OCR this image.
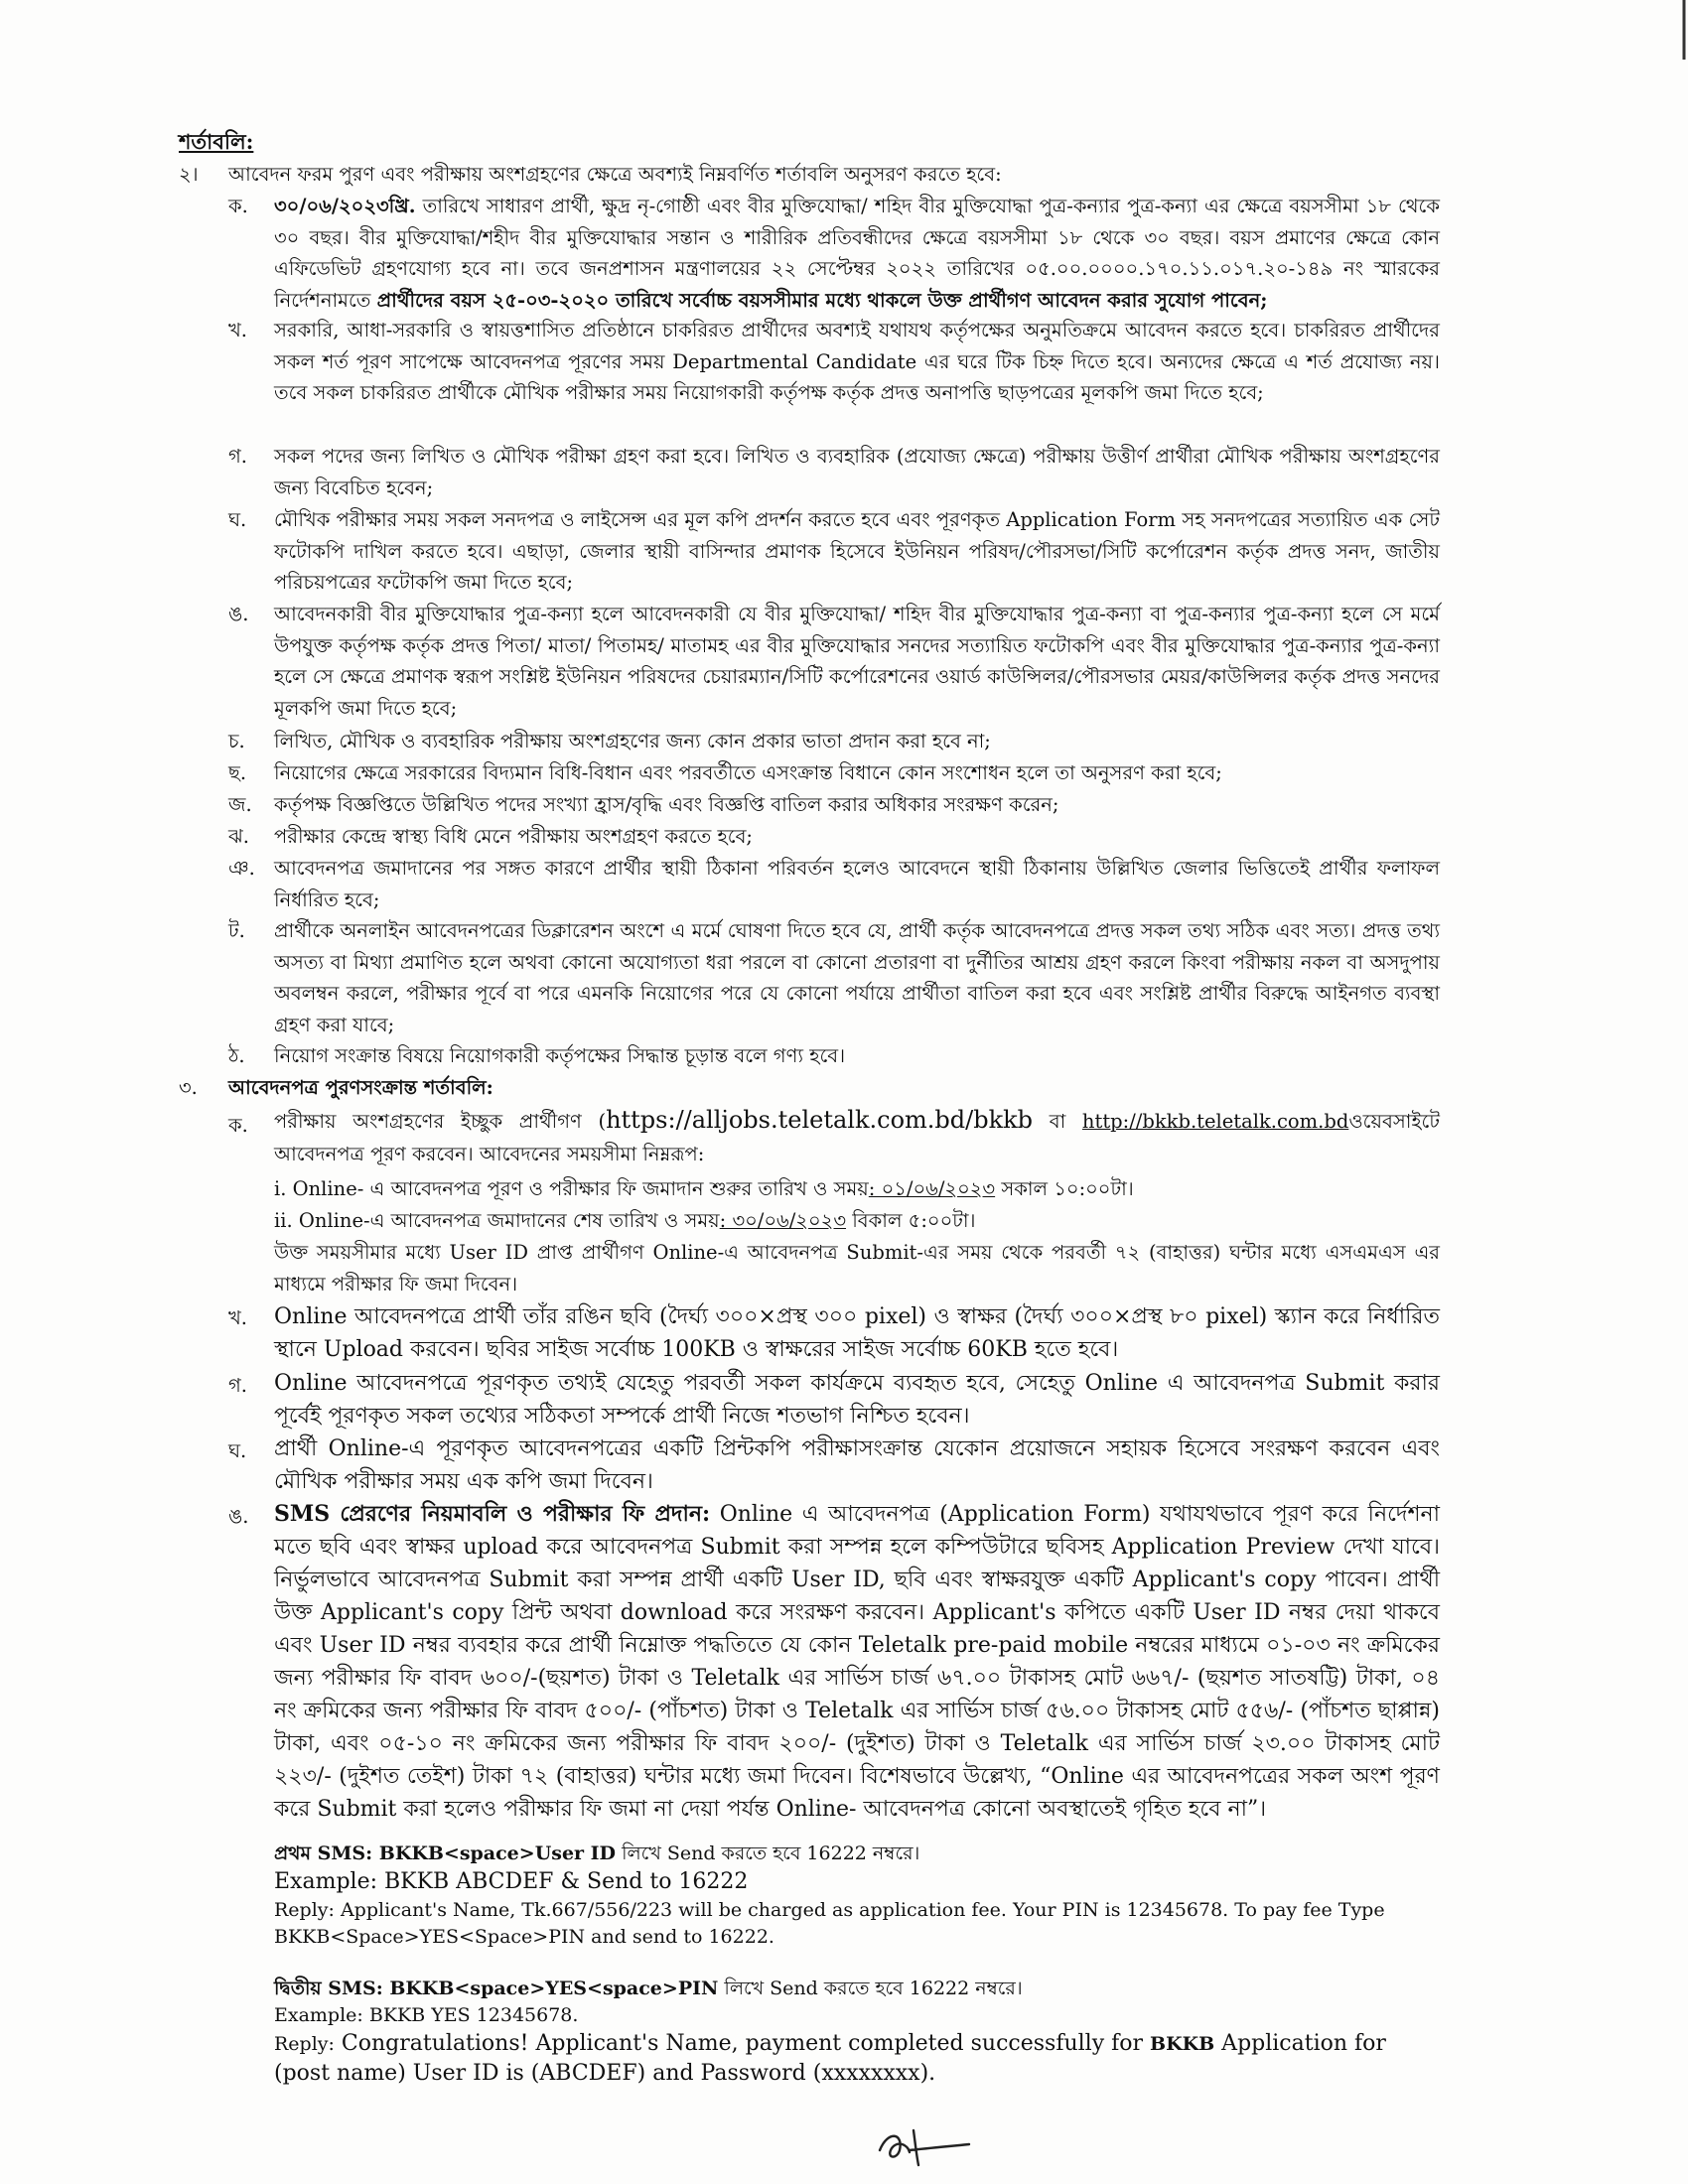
শর্তাবলি:
২। আবেদন ফরম পুরণ এবং পরীক্ষায় অংশগ্রহণের ক্ষেত্রে অবশ্যই নিম্নবর্ণিত শর্তাবলি অনুসরণ করতে হবে:

ক. ৩০/০৬/২০২৩খ্রি. তারিখে সাধারণ প্রার্থী, ক্ষুদ্র নৃ-গোষ্ঠী এবং বীর মুক্তিযোদ্ধা/ শহিদ বীর মুক্তিযোদ্ধা পুত্র-কন্যার পুত্র-কন্যা এর ক্ষেত্রে বয়সসীমা ১৮ থেকে ৩০ বছর। বীর মুক্তিযোদ্ধা/শহীদ বীর মুক্তিযোদ্ধার সন্তান ও শারীরিক প্রতিবন্ধীদের ক্ষেত্রে বয়সসীমা ১৮ থেকে ৩০ বছর। বয়স প্রমাণের ক্ষেত্রে কোন এফিডেভিট গ্রহণযোগ্য হবে না। তবে জনপ্রশাসন মন্ত্রণালয়ের ২২ সেপ্টেম্বর ২০২২ তারিখের ০৫.০০.০০০০.১৭০.১১.০১৭.২০-১৪৯ নং স্মারকের নির্দেশনামতে প্রার্থীদের বয়স ২৫-০৩-২০২০ তারিখে সর্বোচ্চ বয়সসীমার মধ্যে থাকলে উক্ত প্রার্থীগণ আবেদন করার সুযোগ পাবেন;

খ. সরকারি, আধা-সরকারি ও স্বায়ত্তশাসিত প্রতিষ্ঠানে চাকরিরত প্রার্থীদের অবশ্যই যথাযথ কর্তৃপক্ষের অনুমতিক্রমে আবেদন করতে হবে। চাকরিরত প্রার্থীদের সকল শর্ত পূরণ সাপেক্ষে আবেদনপত্র পূরণের সময় Departmental Candidate এর ঘরে টিক চিহ্ন দিতে হবে। অন্যদের ক্ষেত্রে এ শর্ত প্রযোজ্য নয়। তবে সকল চাকরিরত প্রার্থীকে মৌখিক পরীক্ষার সময় নিয়োগকারী কর্তৃপক্ষ কর্তৃক প্রদত্ত অনাপত্তি ছাড়পত্রের মূলকপি জমা দিতে হবে;

গ. সকল পদের জন্য লিখিত ও মৌখিক পরীক্ষা গ্রহণ করা হবে। লিখিত ও ব্যবহারিক (প্রযোজ্য ক্ষেত্রে) পরীক্ষায় উত্তীর্ণ প্রার্থীরা মৌখিক পরীক্ষায় অংশগ্রহণের জন্য বিবেচিত হবেন;

ঘ. মৌখিক পরীক্ষার সময় সকল সনদপত্র ও লাইসেন্স এর মূল কপি প্রদর্শন করতে হবে এবং পূরণকৃত Application Form সহ সনদপত্রের সত্যায়িত এক সেট ফটোকপি দাখিল করতে হবে। এছাড়া, জেলার স্থায়ী বাসিন্দার প্রমাণক হিসেবে ইউনিয়ন পরিষদ/পৌরসভা/সিটি কর্পোরেশন কর্তৃক প্রদত্ত সনদ, জাতীয় পরিচয়পত্রের ফটোকপি জমা দিতে হবে;

ঙ. আবেদনকারী বীর মুক্তিযোদ্ধার পুত্র-কন্যা হলে আবেদনকারী যে বীর মুক্তিযোদ্ধা/ শহিদ বীর মুক্তিযোদ্ধার পুত্র-কন্যা বা পুত্র-কন্যার পুত্র-কন্যা হলে সে মর্মে উপযুক্ত কর্তৃপক্ষ কর্তৃক প্রদত্ত পিতা/ মাতা/ পিতামহ/ মাতামহ এর বীর মুক্তিযোদ্ধার সনদের সত্যায়িত ফটোকপি এবং বীর মুক্তিযোদ্ধার পুত্র-কন্যার পুত্র-কন্যা হলে সে ক্ষেত্রে প্রমাণক স্বরূপ সংশ্লিষ্ট ইউনিয়ন পরিষদের চেয়ারম্যান/সিটি কর্পোরেশনের ওয়ার্ড কাউন্সিলর/পৌরসভার মেয়র/কাউন্সিলর কর্তৃক প্রদত্ত সনদের মূলকপি জমা দিতে হবে;

চ. লিখিত, মৌখিক ও ব্যবহারিক পরীক্ষায় অংশগ্রহণের জন্য কোন প্রকার ভাতা প্রদান করা হবে না;

ছ. নিয়োগের ক্ষেত্রে সরকারের বিদ্যমান বিধি-বিধান এবং পরবর্তীতে এসংক্রান্ত বিধানে কোন সংশোধন হলে তা অনুসরণ করা হবে;

জ. কর্তৃপক্ষ বিজ্ঞপ্তিতে উল্লিখিত পদের সংখ্যা হ্রাস/বৃদ্ধি এবং বিজ্ঞপ্তি বাতিল করার অধিকার সংরক্ষণ করেন;

ঝ. পরীক্ষার কেন্দ্রে স্বাস্থ্য বিধি মেনে পরীক্ষায় অংশগ্রহণ করতে হবে;

ঞ. আবেদনপত্র জমাদানের পর সঙ্গত কারণে প্রার্থীর স্থায়ী ঠিকানা পরিবর্তন হলেও আবেদনে স্থায়ী ঠিকানায় উল্লিখিত জেলার ভিত্তিতেই প্রার্থীর ফলাফল নির্ধারিত হবে;

ট. প্রার্থীকে অনলাইন আবেদনপত্রের ডিক্লারেশন অংশে এ মর্মে ঘোষণা দিতে হবে যে, প্রার্থী কর্তৃক আবেদনপত্রে প্রদত্ত সকল তথ্য সঠিক এবং সত্য। প্রদত্ত তথ্য অসত্য বা মিথ্যা প্রমাণিত হলে অথবা কোনো অযোগ্যতা ধরা পরলে বা কোনো প্রতারণা বা দুর্নীতির আশ্রয় গ্রহণ করলে কিংবা পরীক্ষায় নকল বা অসদুপায় অবলম্বন করলে, পরীক্ষার পূর্বে বা পরে এমনকি নিয়োগের পরে যে কোনো পর্যায়ে প্রার্থীতা বাতিল করা হবে এবং সংশ্লিষ্ট প্রার্থীর বিরুদ্ধে আইনগত ব্যবস্থা গ্রহণ করা যাবে;

ঠ. নিয়োগ সংক্রান্ত বিষয়ে নিয়োগকারী কর্তৃপক্ষের সিদ্ধান্ত চূড়ান্ত বলে গণ্য হবে।

৩. আবেদনপত্র পুরণসংক্রান্ত শর্তাবলি:
ক. পরীক্ষায় অংশগ্রহণের ইচ্ছুক প্রার্থীগণ (https://alljobs.teletalk.com.bd/bkkb বা http://bkkb.teletalk.com.bdওয়েবসাইটে আবেদনপত্র পূরণ করবেন। আবেদনের সময়সীমা নিম্নরূপ:

i. Online- এ আবেদনপত্র পূরণ ও পরীক্ষার ফি জমাদান শুরুর তারিখ ও সময়: ০১/০৬/২০২৩ সকাল ১০:০০টা।

ii. Online-এ আবেদনপত্র জমাদানের শেষ তারিখ ও সময়: ৩০/০৬/২০২৩ বিকাল ৫:০০টা।

উক্ত সময়সীমার মধ্যে User ID প্রাপ্ত প্রার্থীগণ Online-এ আবেদনপত্র Submit-এর সময় থেকে পরবর্তী ৭২ (বাহাত্তর) ঘন্টার মধ্যে এসএমএস এর মাধ্যমে পরীক্ষার ফি জমা দিবেন।

খ. Online আবেদনপত্রে প্রার্থী তাঁর রঙিন ছবি (দৈর্ঘ্য ৩০০×প্রস্থ ৩০০ pixel) ও স্বাক্ষর (দৈর্ঘ্য ৩০০×প্রস্থ ৮০ pixel) স্ক্যান করে নির্ধারিত স্থানে Upload করবেন। ছবির সাইজ সর্বোচ্চ 100KB ও স্বাক্ষরের সাইজ সর্বোচ্চ 60KB হতে হবে।

গ. Online আবেদনপত্রে পূরণকৃত তথ্যই যেহেতু পরবর্তী সকল কার্যক্রমে ব্যবহৃত হবে, সেহেতু Online এ আবেদনপত্র Submit করার পূর্বেই পূরণকৃত সকল তথ্যের সঠিকতা সম্পর্কে প্রার্থী নিজে শতভাগ নিশ্চিত হবেন।

ঘ. প্রার্থী Online-এ পূরণকৃত আবেদনপত্রের একটি প্রিন্টকপি পরীক্ষাসংক্রান্ত যেকোন প্রয়োজনে সহায়ক হিসেবে সংরক্ষণ করবেন এবং মৌখিক পরীক্ষার সময় এক কপি জমা দিবেন।

ঙ. SMS প্রেরণের নিয়মাবলি ও পরীক্ষার ফি প্রদান: Online এ আবেদনপত্র (Application Form) যথাযথভাবে পূরণ করে নির্দেশনা মতে ছবি এবং স্বাক্ষর upload করে আবেদনপত্র Submit করা সম্পন্ন হলে কম্পিউটারে ছবিসহ Application Preview দেখা যাবে। নির্ভুলভাবে আবেদনপত্র Submit করা সম্পন্ন প্রার্থী একটি User ID, ছবি এবং স্বাক্ষরযুক্ত একটি Applicant's copy পাবেন। প্রার্থী উক্ত Applicant's copy প্রিন্ট অথবা download করে সংরক্ষণ করবেন। Applicant's কপিতে একটি User ID নম্বর দেয়া থাকবে এবং User ID নম্বর ব্যবহার করে প্রার্থী নিম্নোক্ত পদ্ধতিতে যে কোন Teletalk pre-paid mobile নম্বরের মাধ্যমে ০১-০৩ নং ক্রমিকের জন্য পরীক্ষার ফি বাবদ ৬০০/-(ছয়শত) টাকা ও Teletalk এর সার্ভিস চার্জ ৬৭.০০ টাকাসহ মোট ৬৬৭/- (ছয়শত সাতষট্টি) টাকা, ০৪ নং ক্রমিকের জন্য পরীক্ষার ফি বাবদ ৫০০/- (পাঁচশত) টাকা ও Teletalk এর সার্ভিস চার্জ ৫৬.০০ টাকাসহ মোট ৫৫৬/- (পাঁচশত ছাপ্পান্ন) টাকা, এবং ০৫-১০ নং ক্রমিকের জন্য পরীক্ষার ফি বাবদ ২০০/- (দুইশত) টাকা ও Teletalk এর সার্ভিস চার্জ ২৩.০০ টাকাসহ মোট ২২৩/- (দুইশত তেইশ) টাকা ৭২ (বাহাত্তর) ঘন্টার মধ্যে জমা দিবেন। বিশেষভাবে উল্লেখ্য, “Online এর আবেদনপত্রের সকল অংশ পূরণ করে Submit করা হলেও পরীক্ষার ফি জমা না দেয়া পর্যন্ত Online- আবেদনপত্র কোনো অবস্থাতেই গৃহিত হবে না”।

প্রথম SMS: BKKB<space>User ID লিখে Send করতে হবে 16222 নম্বরে।
Example: BKKB ABCDEF & Send to 16222
Reply: Applicant's Name, Tk.667/556/223 will be charged as application fee. Your PIN is 12345678. To pay fee Type BKKB<Space>YES<Space>PIN and send to 16222.
দ্বিতীয় SMS: BKKB<space>YES<space>PIN লিখে Send করতে হবে 16222 নম্বরে।
Example: BKKB YES 12345678.
Reply: Congratulations! Applicant's Name, payment completed successfully for BKKB Application for (post name) User ID is (ABCDEF) and Password (xxxxxxxx).
